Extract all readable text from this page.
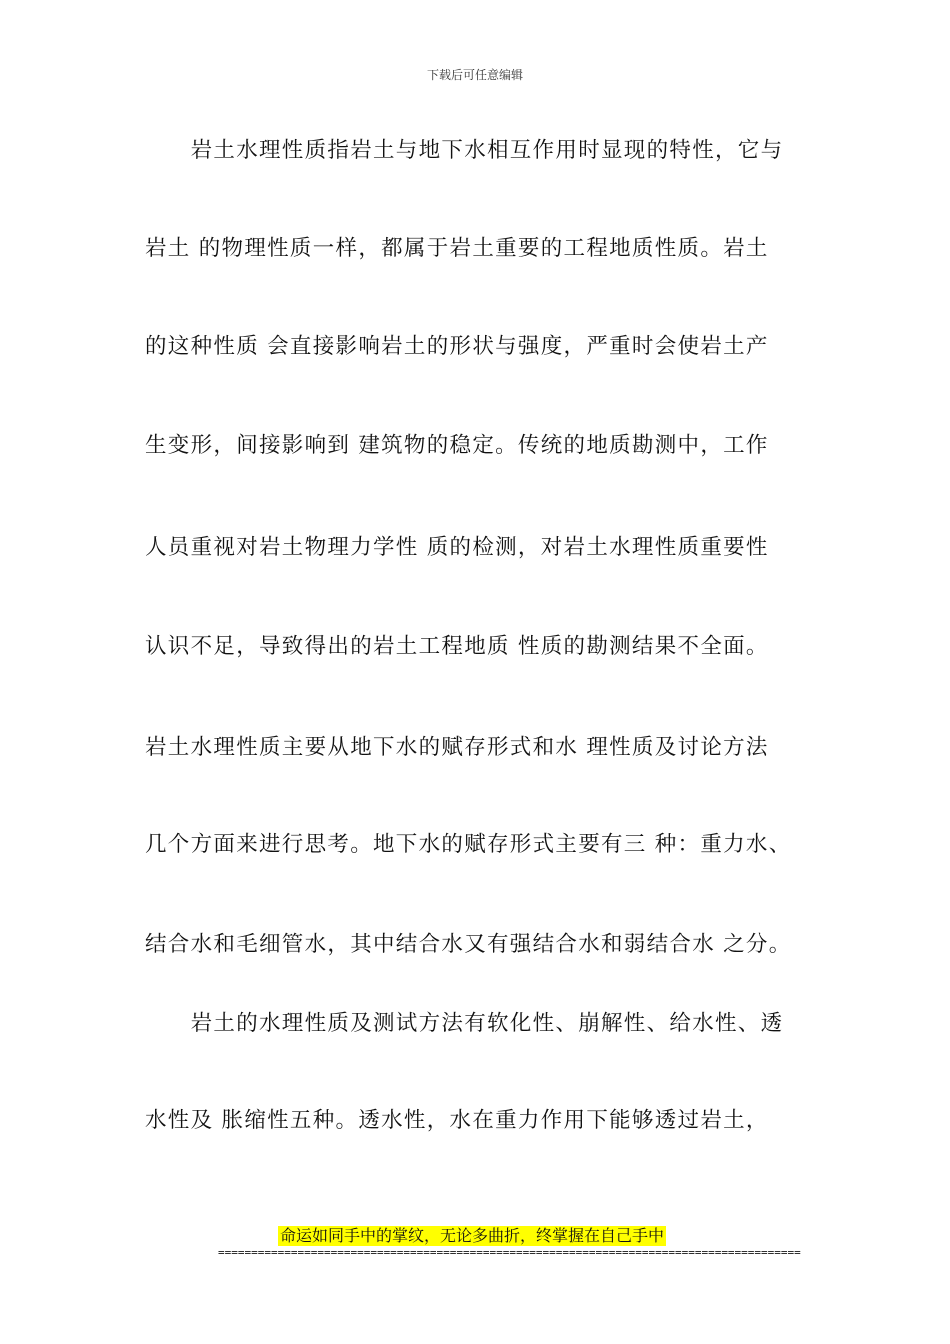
下载后可任意编辑

　　岩土水理性质指岩土与地下水相互作用时显现的特性，它与

岩土 的物理性质一样，都属于岩土重要的工程地质性质。岩土

的这种性质 会直接影响岩土的形状与强度，严重时会使岩土产

生变形，间接影响到 建筑物的稳定。传统的地质勘测中，工作

人员重视对岩土物理力学性 质的检测，对岩土水理性质重要性

认识不足，导致得出的岩土工程地质 性质的勘测结果不全面。

岩土水理性质主要从地下水的赋存形式和水 理性质及讨论方法

几个方面来进行思考。地下水的赋存形式主要有三 种：重力水、

结合水和毛细管水，其中结合水又有强结合水和弱结合水 之分。

　　岩土的水理性质及测试方法有软化性、崩解性、给水性、透

水性及 胀缩性五种。透水性，水在重力作用下能够透过岩土，

命运如同手中的掌纹，无论多曲折，终掌握在自己手中
========================================================================================
